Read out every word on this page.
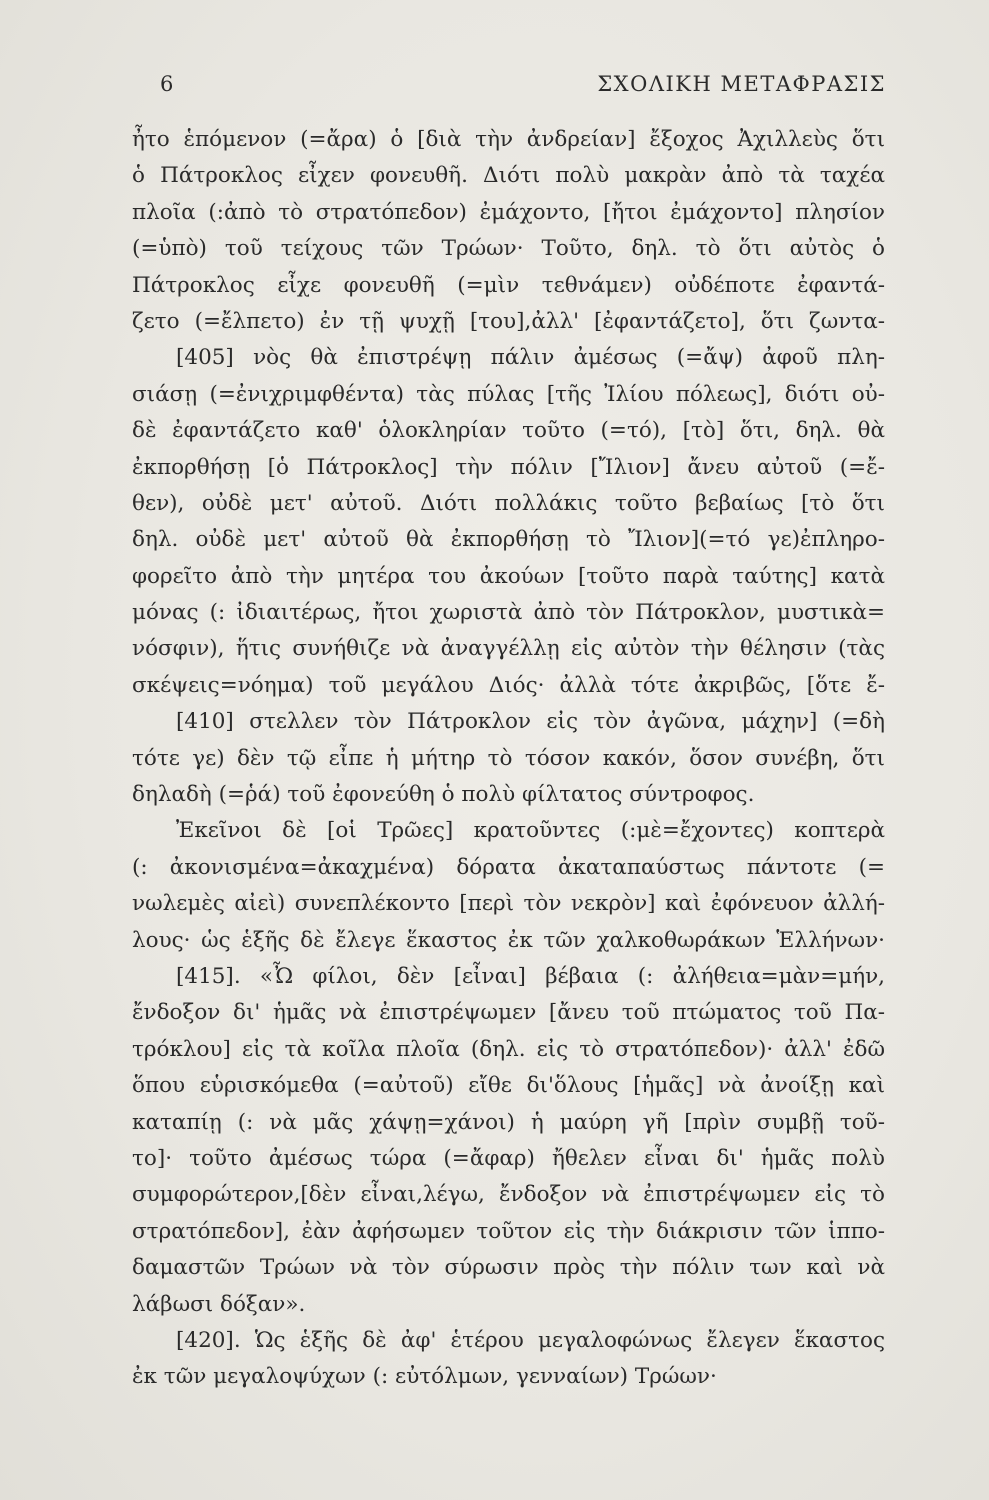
6	ΣΧΟΛΙΚΗ ΜΕΤΑΦΡΑΣΙΣ
ἦτο ἑπόμενον (=ἄρα) ὁ [διὰ τὴν ἀνδρείαν] ἔξοχος Ἀχιλλεὺς ὅτι
ὁ Πάτροκλος εἶχεν φονευθῆ. Διότι πολὺ μακρὰν ἀπὸ τὰ ταχέα
πλοῖα (:ἀπὸ τὸ στρατόπεδον) ἐμάχοντο, [ἤτοι ἐμάχοντο] πλησίον
(=ὑπὸ) τοῦ τείχους τῶν Τρώων· Τοῦτο, δηλ. τὸ ὅτι αὐτὸς ὁ
Πάτροκλος εἶχε φονευθῆ (=μὶν τεθνάμεν) οὐδέποτε ἐφαντά-
ζετο (=ἔλπετο) ἐν τῇ ψυχῇ [του],ἀλλ' [ἐφαντάζετο], ὅτι ζωντα-
[405] νὸς θὰ ἐπιστρέψῃ πάλιν ἀμέσως (=ἄψ) ἀφοῦ πλη-
σιάσῃ (=ἐνιχριμφθέντα) τὰς πύλας [τῆς Ἰλίου πόλεως], διότι οὐ-
δὲ ἐφαντάζετο καθ' ὁλοκληρίαν τοῦτο (=τό), [τὸ] ὅτι, δηλ. θὰ
ἐκπορθήσῃ [ὁ Πάτροκλος] τὴν πόλιν [Ἴλιον] ἄνευ αὐτοῦ (=ἔ-
θεν), οὐδὲ μετ' αὐτοῦ. Διότι πολλάκις τοῦτο βεβαίως [τὸ ὅτι
δηλ. οὐδὲ μετ' αὐτοῦ θὰ ἐκπορθήσῃ τὸ Ἴλιον](=τό γε)ἐπληρο-
φορεῖτο ἀπὸ τὴν μητέρα του ἀκούων [τοῦτο παρὰ ταύτης] κατὰ
μόνας (: ἰδιαιτέρως, ἤτοι χωριστὰ ἀπὸ τὸν Πάτροκλον, μυστικὰ=
νόσφιν), ἥτις συνήθιζε νὰ ἀναγγέλλῃ εἰς αὐτὸν τὴν θέλησιν (τὰς
σκέψεις=νόημα) τοῦ μεγάλου Διός· ἀλλὰ τότε ἀκριβῶς, [ὅτε ἔ-
[410] στελλεν τὸν Πάτροκλον εἰς τὸν ἀγῶνα, μάχην] (=δὴ
τότε γε) δὲν τῷ εἶπε ἡ μήτηρ τὸ τόσον κακόν, ὅσον συνέβη, ὅτι
δηλαδὴ (=ῥά) τοῦ ἐφονεύθη ὁ πολὺ φίλτατος σύντροφος.
Ἐκεῖνοι δὲ [οἱ Τρῶες] κρατοῦντες (:μὲ=ἔχοντες) κοπτερὰ
(: ἀκονισμένα=ἀκαχμένα) δόρατα ἀκαταπαύστως πάντοτε (=
νωλεμὲς αἰεὶ) συνεπλέκοντο [περὶ τὸν νεκρὸν] καὶ ἐφόνευον ἀλλή-
λους· ὡς ἑξῆς δὲ ἔλεγε ἕκαστος ἐκ τῶν χαλκοθωράκων Ἑλλήνων·
[415]. «Ὦ φίλοι, δὲν [εἶναι] βέβαια (: ἀλήθεια=μὰν=μήν,
ἔνδοξον δι' ἡμᾶς νὰ ἐπιστρέψωμεν [ἄνευ τοῦ πτώματος τοῦ Πα-
τρόκλου] εἰς τὰ κοῖλα πλοῖα (δηλ. εἰς τὸ στρατόπεδον)· ἀλλ' ἐδῶ
ὅπου εὑρισκόμεθα (=αὐτοῦ) εἴθε δι'ὅλους [ἡμᾶς] νὰ ἀνοίξῃ καὶ
καταπίῃ (: νὰ μᾶς χάψῃ=χάνοι) ἡ μαύρη γῆ [πρὶν συμβῇ τοῦ-
το]· τοῦτο ἀμέσως τώρα (=ἄφαρ) ἤθελεν εἶναι δι' ἡμᾶς πολὺ
συμφορώτερον,[δὲν εἶναι,λέγω, ἔνδοξον νὰ ἐπιστρέψωμεν εἰς τὸ
στρατόπεδον], ἐὰν ἀφήσωμεν τοῦτον εἰς τὴν διάκρισιν τῶν ἱππο-
δαμαστῶν Τρώων νὰ τὸν σύρωσιν πρὸς τὴν πόλιν των καὶ νὰ
λάβωσι δόξαν».
[420]. Ὡς ἑξῆς δὲ ἀφ' ἑτέρου μεγαλοφώνως ἔλεγεν ἕκαστος
ἐκ τῶν μεγαλοψύχων (: εὐτόλμων, γενναίων) Τρώων·
